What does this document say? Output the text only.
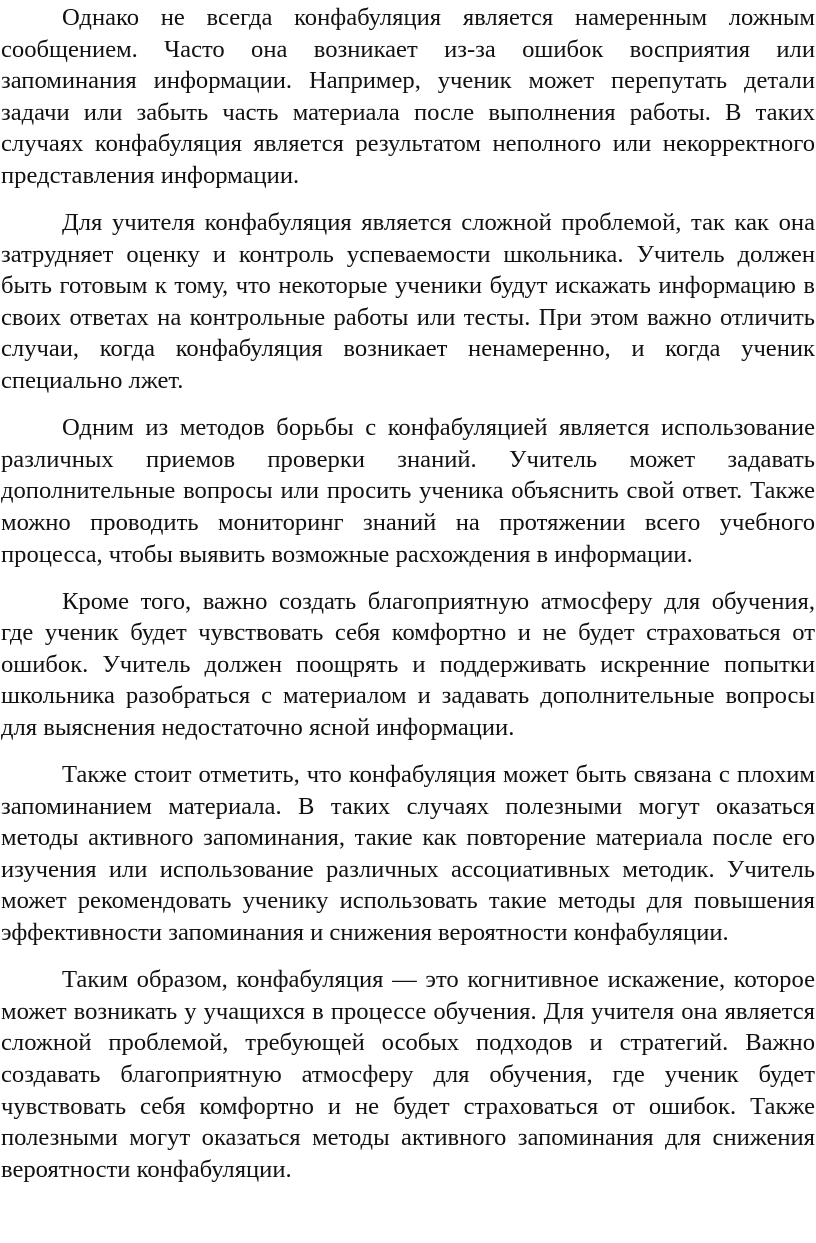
Однако не всегда конфабуляция является намеренным ложным сообщением. Часто она возникает из-за ошибок восприятия или запоминания информации. Например, ученик может перепутать детали задачи или забыть часть материала после выполнения работы. В таких случаях конфабуляция является результатом неполного или некорректного представления информации.

Для учителя конфабуляция является сложной проблемой, так как она затрудняет оценку и контроль успеваемости школьника. Учитель должен быть готовым к тому, что некоторые ученики будут искажать информацию в своих ответах на контрольные работы или тесты. При этом важно отличить случаи, когда конфабуляция возникает ненамеренно, и когда ученик специально лжет.

Одним из методов борьбы с конфабуляцией является использование различных приемов проверки знаний. Учитель может задавать дополнительные вопросы или просить ученика объяснить свой ответ. Также можно проводить мониторинг знаний на протяжении всего учебного процесса, чтобы выявить возможные расхождения в информации.

Кроме того, важно создать благоприятную атмосферу для обучения, где ученик будет чувствовать себя комфортно и не будет страховаться от ошибок. Учитель должен поощрять и поддерживать искренние попытки школьника разобраться с материалом и задавать дополнительные вопросы для выяснения недостаточно ясной информации.

Также стоит отметить, что конфабуляция может быть связана с плохим запоминанием материала. В таких случаях полезными могут оказаться методы активного запоминания, такие как повторение материала после его изучения или использование различных ассоциативных методик. Учитель может рекомендовать ученику использовать такие методы для повышения эффективности запоминания и снижения вероятности конфабуляции.

Таким образом, конфабуляция — это когнитивное искажение, которое может возникать у учащихся в процессе обучения. Для учителя она является сложной проблемой, требующей особых подходов и стратегий. Важно создавать благоприятную атмосферу для обучения, где ученик будет чувствовать себя комфортно и не будет страховаться от ошибок. Также полезными могут оказаться методы активного запоминания для снижения вероятности конфабуляции.
